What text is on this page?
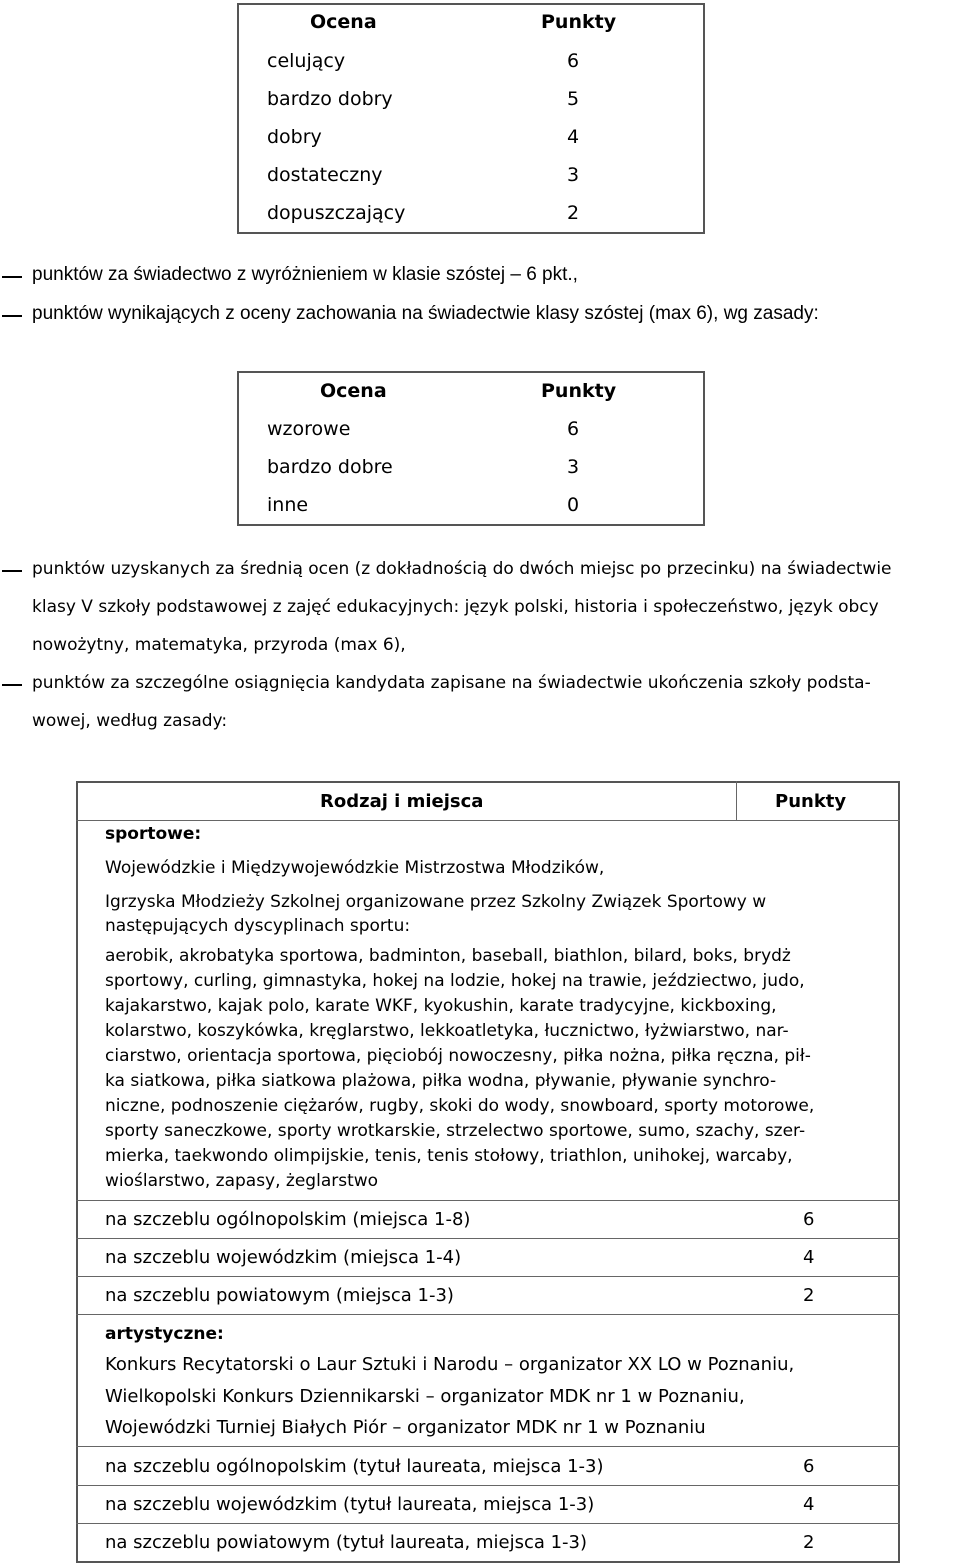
Ocena	Punkty
celujący	6
bardzo dobry	5
dobry	4
dostateczny	3
dopuszczający	2
punktów za świadectwo z wyróżnieniem w klasie szóstej – 6 pkt.,
punktów wynikających z oceny zachowania na świadectwie klasy szóstej (max 6), wg zasady:
Ocena	Punkty
wzorowe	6
bardzo dobre	3
inne	0
punktów uzyskanych za średnią ocen (z dokładnością do dwóch miejsc po przecinku) na świadectwie
klasy V szkoły podstawowej z zajęć edukacyjnych: język polski, historia i społeczeństwo, język obcy
nowożytny, matematyka, przyroda (max 6),
punktów za szczególne osiągnięcia kandydata zapisane na świadectwie ukończenia szkoły podsta-
wowej, według zasady:
Rodzaj i miejsca	Punkty
sportowe:
Wojewódzkie i Międzywojewódzkie Mistrzostwa Młodzików,
Igrzyska Młodzieży Szkolnej organizowane przez Szkolny Związek Sportowy w
następujących dyscyplinach sportu:
aerobik, akrobatyka sportowa, badminton, baseball, biathlon, bilard, boks, brydż
sportowy, curling, gimnastyka, hokej na lodzie, hokej na trawie, jeździectwo, judo,
kajakarstwo, kajak polo, karate WKF, kyokushin, karate tradycyjne, kickboxing,
kolarstwo, koszykówka, kręglarstwo, lekkoatletyka, łucznictwo, łyżwiarstwo, nar-
ciarstwo, orientacja sportowa, pięciobój nowoczesny, piłka nożna, piłka ręczna, pił-
ka siatkowa, piłka siatkowa plażowa, piłka wodna, pływanie, pływanie synchro-
niczne, podnoszenie ciężarów, rugby, skoki do wody, snowboard, sporty motorowe,
sporty saneczkowe, sporty wrotkarskie, strzelectwo sportowe, sumo, szachy, szer-
mierka, taekwondo olimpijskie, tenis, tenis stołowy, triathlon, unihokej, warcaby,
wioślarstwo, zapasy, żeglarstwo
na szczeblu ogólnopolskim (miejsca 1-8)	6
na szczeblu wojewódzkim (miejsca 1-4)	4
na szczeblu powiatowym (miejsca 1-3)	2
artystyczne:
Konkurs Recytatorski o Laur Sztuki i Narodu – organizator XX LO w Poznaniu,
Wielkopolski Konkurs Dziennikarski – organizator MDK nr 1 w Poznaniu,
Wojewódzki Turniej Białych Piór – organizator MDK nr 1 w Poznaniu
na szczeblu ogólnopolskim (tytuł laureata, miejsca 1-3)	6
na szczeblu wojewódzkim (tytuł laureata, miejsca 1-3)	4
na szczeblu powiatowym (tytuł laureata, miejsca 1-3)	2
